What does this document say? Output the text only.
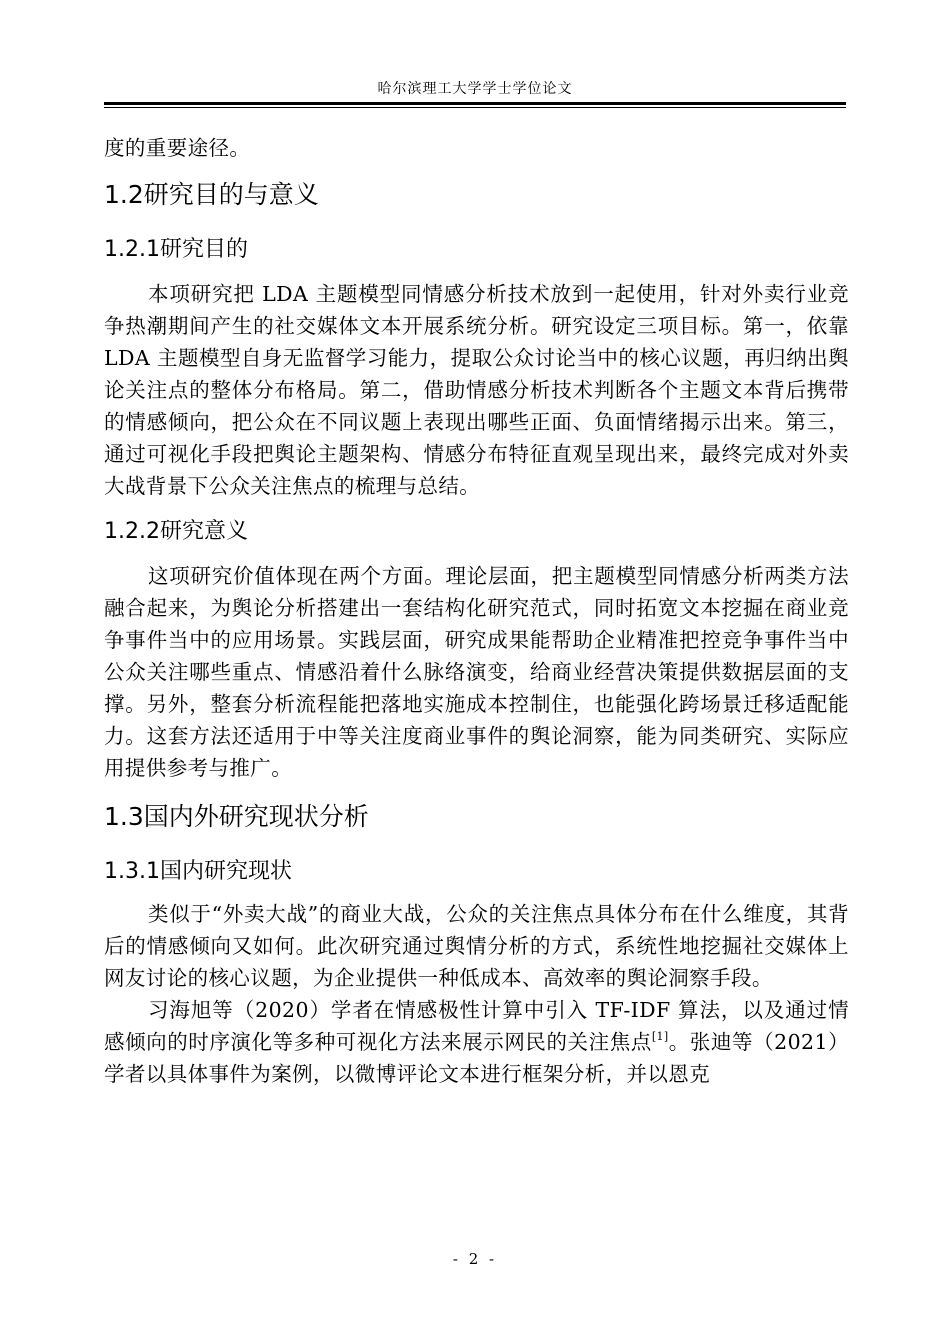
哈尔滨理工大学学士学位论文

度的重要途径。

1.2研究目的与意义
1.2.1研究目的

本项研究把 LDA 主题模型同情感分析技术放到一起使用，针对外卖行业竞争热潮期间产生的社交媒体文本开展系统分析。研究设定三项目标。第一，依靠 LDA 主题模型自身无监督学习能力，提取公众讨论当中的核心议题，再归纳出舆论关注点的整体分布格局。第二，借助情感分析技术判断各个主题文本背后携带的情感倾向，把公众在不同议题上表现出哪些正面、负面情绪揭示出来。第三，通过可视化手段把舆论主题架构、情感分布特征直观呈现出来，最终完成对外卖大战背景下公众关注焦点的梳理与总结。

1.2.2研究意义

这项研究价值体现在两个方面。理论层面，把主题模型同情感分析两类方法融合起来，为舆论分析搭建出一套结构化研究范式，同时拓宽文本挖掘在商业竞争事件当中的应用场景。实践层面，研究成果能帮助企业精准把控竞争事件当中公众关注哪些重点、情感沿着什么脉络演变，给商业经营决策提供数据层面的支撑。另外，整套分析流程能把落地实施成本控制住，也能强化跨场景迁移适配能力。这套方法还适用于中等关注度商业事件的舆论洞察，能为同类研究、实际应用提供参考与推广。

1.3国内外研究现状分析
1.3.1国内研究现状

类似于“外卖大战”的商业大战，公众的关注焦点具体分布在什么维度，其背后的情感倾向又如何。此次研究通过舆情分析的方式，系统性地挖掘社交媒体上网友讨论的核心议题，为企业提供一种低成本、高效率的舆论洞察手段。

习海旭等（2020）学者在情感极性计算中引入 TF-IDF 算法，以及通过情感倾向的时序演化等多种可视化方法来展示网民的关注焦点[1]。张迪等（2021）学者以具体事件为案例，以微博评论文本进行框架分析，并以恩克

- 2 -
